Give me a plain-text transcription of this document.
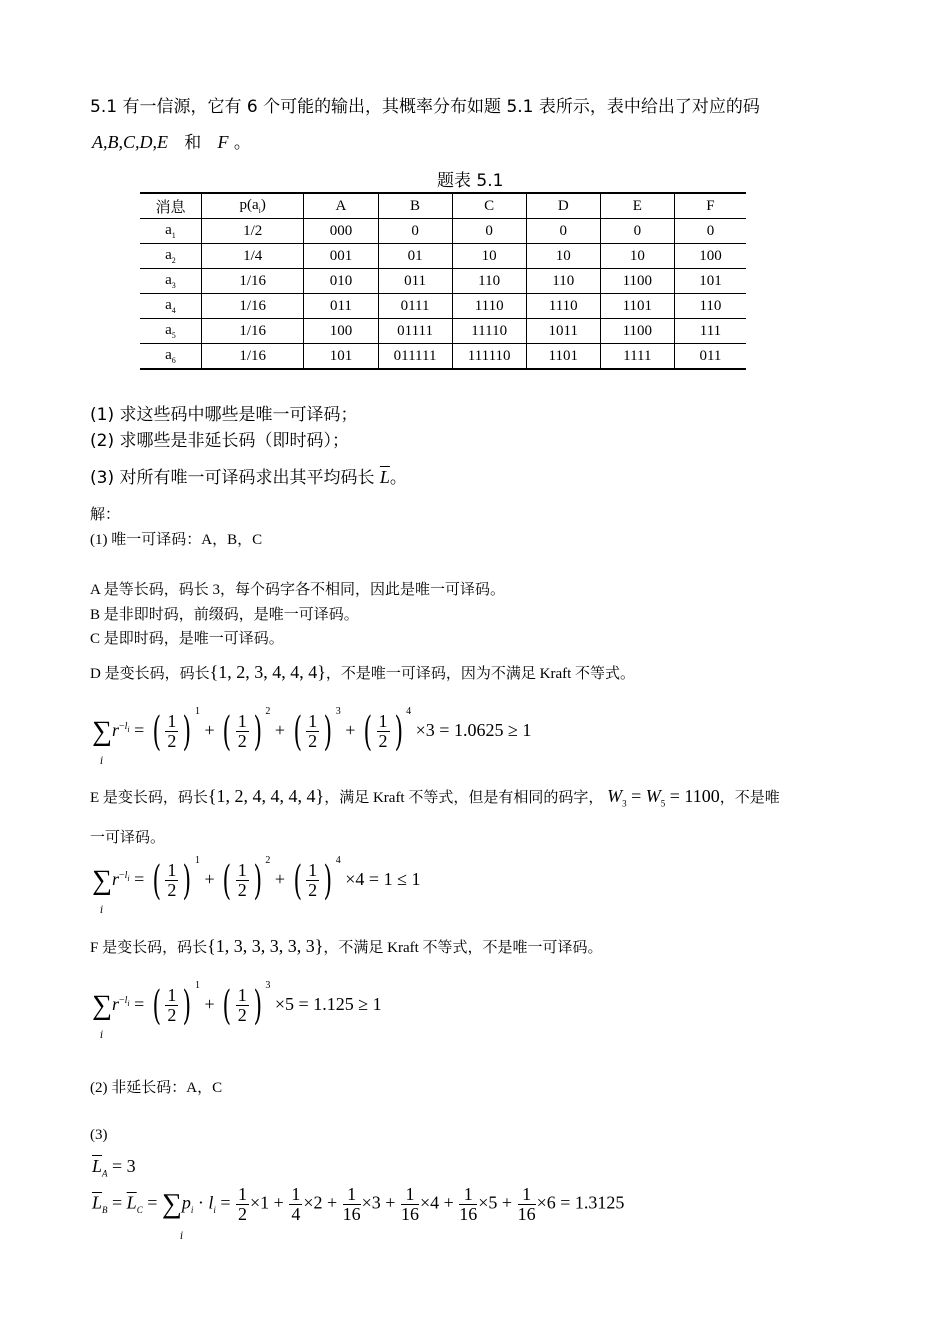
5.1 有一信源，它有 6 个可能的输出，其概率分布如题 5.1 表所示，表中给出了对应的码
A,B,C,D,E 和 F 。
题表 5.1
消息	$p(a_i)$	A	B	C	D	E	F
$a_1$	1/2	000	0	0	0	0	0
$a_2$	1/4	001	01	10	10	10	100
$a_3$	1/16	010	011	110	110	1100	101
$a_4$	1/16	011	0111	1110	1110	1101	110
$a_5$	1/16	100	01111	11110	1011	1100	111
$a_6$	1/16	101	011111	111110	1101	1111	011
(1) 求这些码中哪些是唯一可译码；
(2) 求哪些是非延长码（即时码）；
(3) 对所有唯一可译码求出其平均码长 $\overline{L}$。
解：
(1) 唯一可译码：A，B，C
A 是等长码，码长 3，每个码字各不相同，因此是唯一可译码。
B 是非即时码，前缀码，是唯一可译码。
C 是即时码，是唯一可译码。
D 是变长码，码长{1, 2, 3, 4, 4, 4}，不是唯一可译码，因为不满足 Kraft 不等式。
$\sum r^{-l_i}$ = ( $\frac{1}{2}$ ) $^1$ + ( $\frac{1}{2}$ ) $^2$ + ( $\frac{1}{2}$ ) $^3$ + ( $\frac{1}{2}$ ) $^4$ ×3 = 1.0625 ≥ 1
i
E 是变长码，码长{1, 2, 4, 4, 4, 4}，满足 Kraft 不等式，但是有相同的码字， $W_3 = W_5 = 1100$，不是唯
一可译码。
$\sum r^{-l_i}$ = ( $\frac{1}{2}$ ) $^1$ + ( $\frac{1}{2}$ ) $^2$ + ( $\frac{1}{2}$ ) $^4$ ×4 = 1 ≤ 1
i
F 是变长码，码长{1, 3, 3, 3, 3, 3}，不满足 Kraft 不等式，不是唯一可译码。
$\sum r^{-l_i}$ = ( $\frac{1}{2}$ ) $^1$ + ( $\frac{1}{2}$ ) $^3$ ×5 = 1.125 ≥ 1
i
(2) 非延长码：A，C
(3)
$\overline{L}_A = 3$
$\overline{L}_B = \overline{L}_C = \sum p_i \cdot l_i = \frac{1}{2} \times 1 + \frac{1}{4} \times 2 + \frac{1}{16} \times 3 + \frac{1}{16} \times 4 + \frac{1}{16} \times 5 + \frac{1}{16} \times 6 = 1.3125$
i
